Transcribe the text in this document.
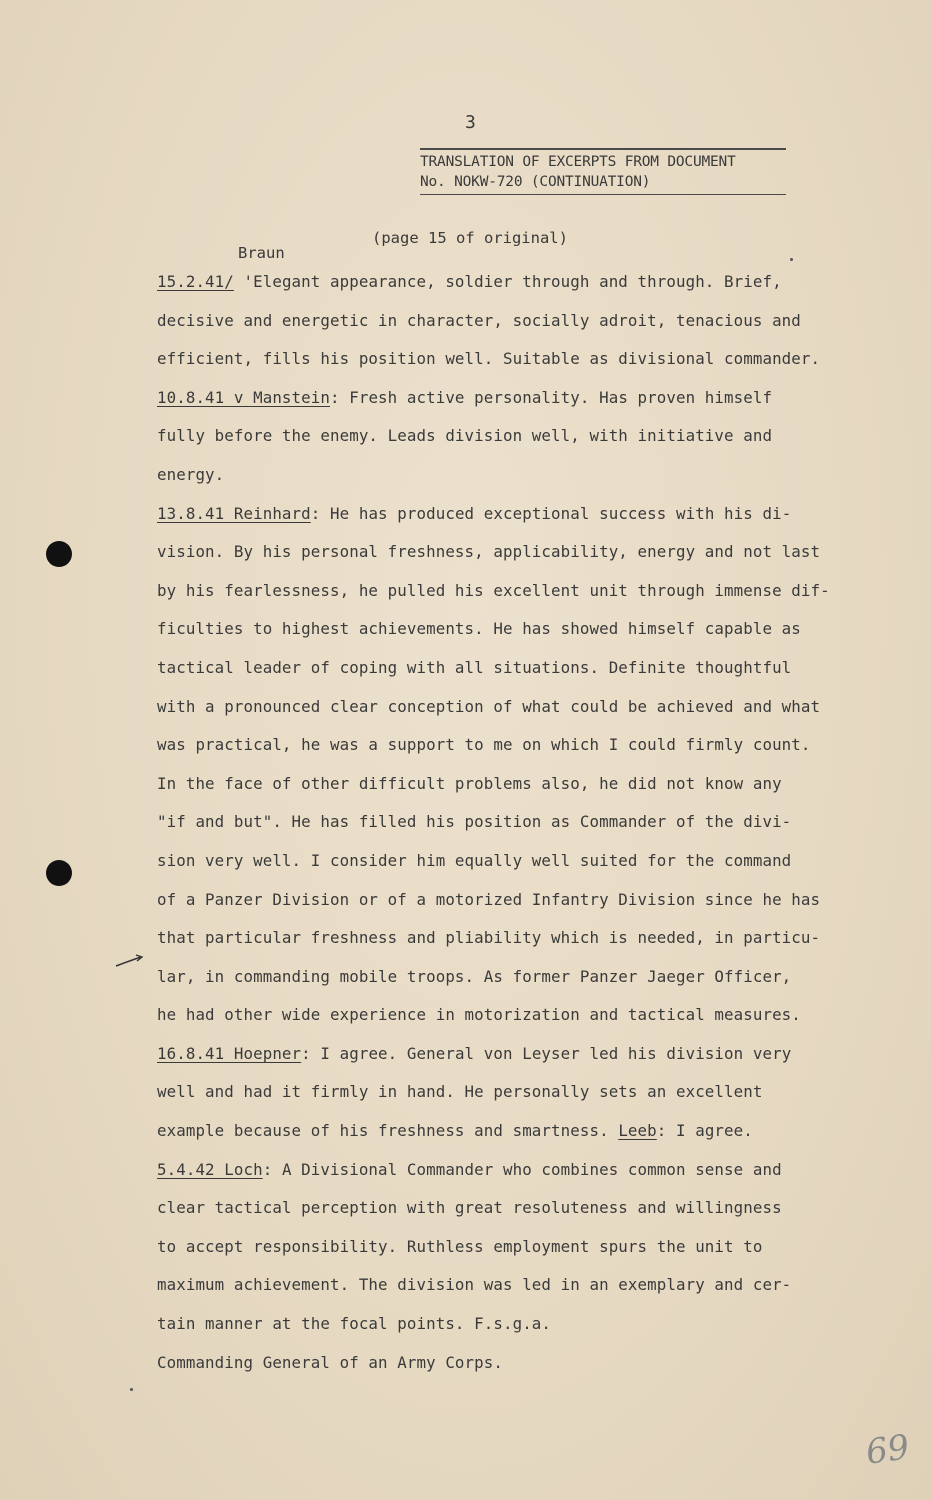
3
TRANSLATION OF EXCERPTS FROM DOCUMENT
No. NOKW-720 (CONTINUATION)
(page 15 of original)
Braun
15.2.41/ 'Elegant appearance, soldier through and through. Brief,
decisive and energetic in character, socially adroit, tenacious and
efficient, fills his position well. Suitable as divisional commander.
10.8.41 v Manstein: Fresh active personality. Has proven himself
fully before the enemy. Leads division well, with initiative and
energy.
13.8.41 Reinhard: He has produced exceptional success with his di-
vision. By his personal freshness, applicability, energy and not last
by his fearlessness, he pulled his excellent unit through immense dif-
ficulties to highest achievements. He has showed himself capable as
tactical leader of coping with all situations. Definite thoughtful
with a pronounced clear conception of what could be achieved and what
was practical, he was a support to me on which I could firmly count.
In the face of other difficult problems also, he did not know any
"if and but". He has filled his position as Commander of the divi-
sion very well. I consider him equally well suited for the command
of a Panzer Division or of a motorized Infantry Division since he has
that particular freshness and pliability which is needed, in particu-
lar, in commanding mobile troops. As former Panzer Jaeger Officer,
he had other wide experience in motorization and tactical measures.
16.8.41 Hoepner: I agree. General von Leyser led his division very
well and had it firmly in hand. He personally sets an excellent
example because of his freshness and smartness. Leeb: I agree.
5.4.42 Loch: A Divisional Commander who combines common sense and
clear tactical perception with great resoluteness and willingness
to accept responsibility. Ruthless employment spurs the unit to
maximum achievement. The division was led in an exemplary and cer-
tain manner at the focal points. F.s.g.a.
Commanding General of an Army Corps.
69
